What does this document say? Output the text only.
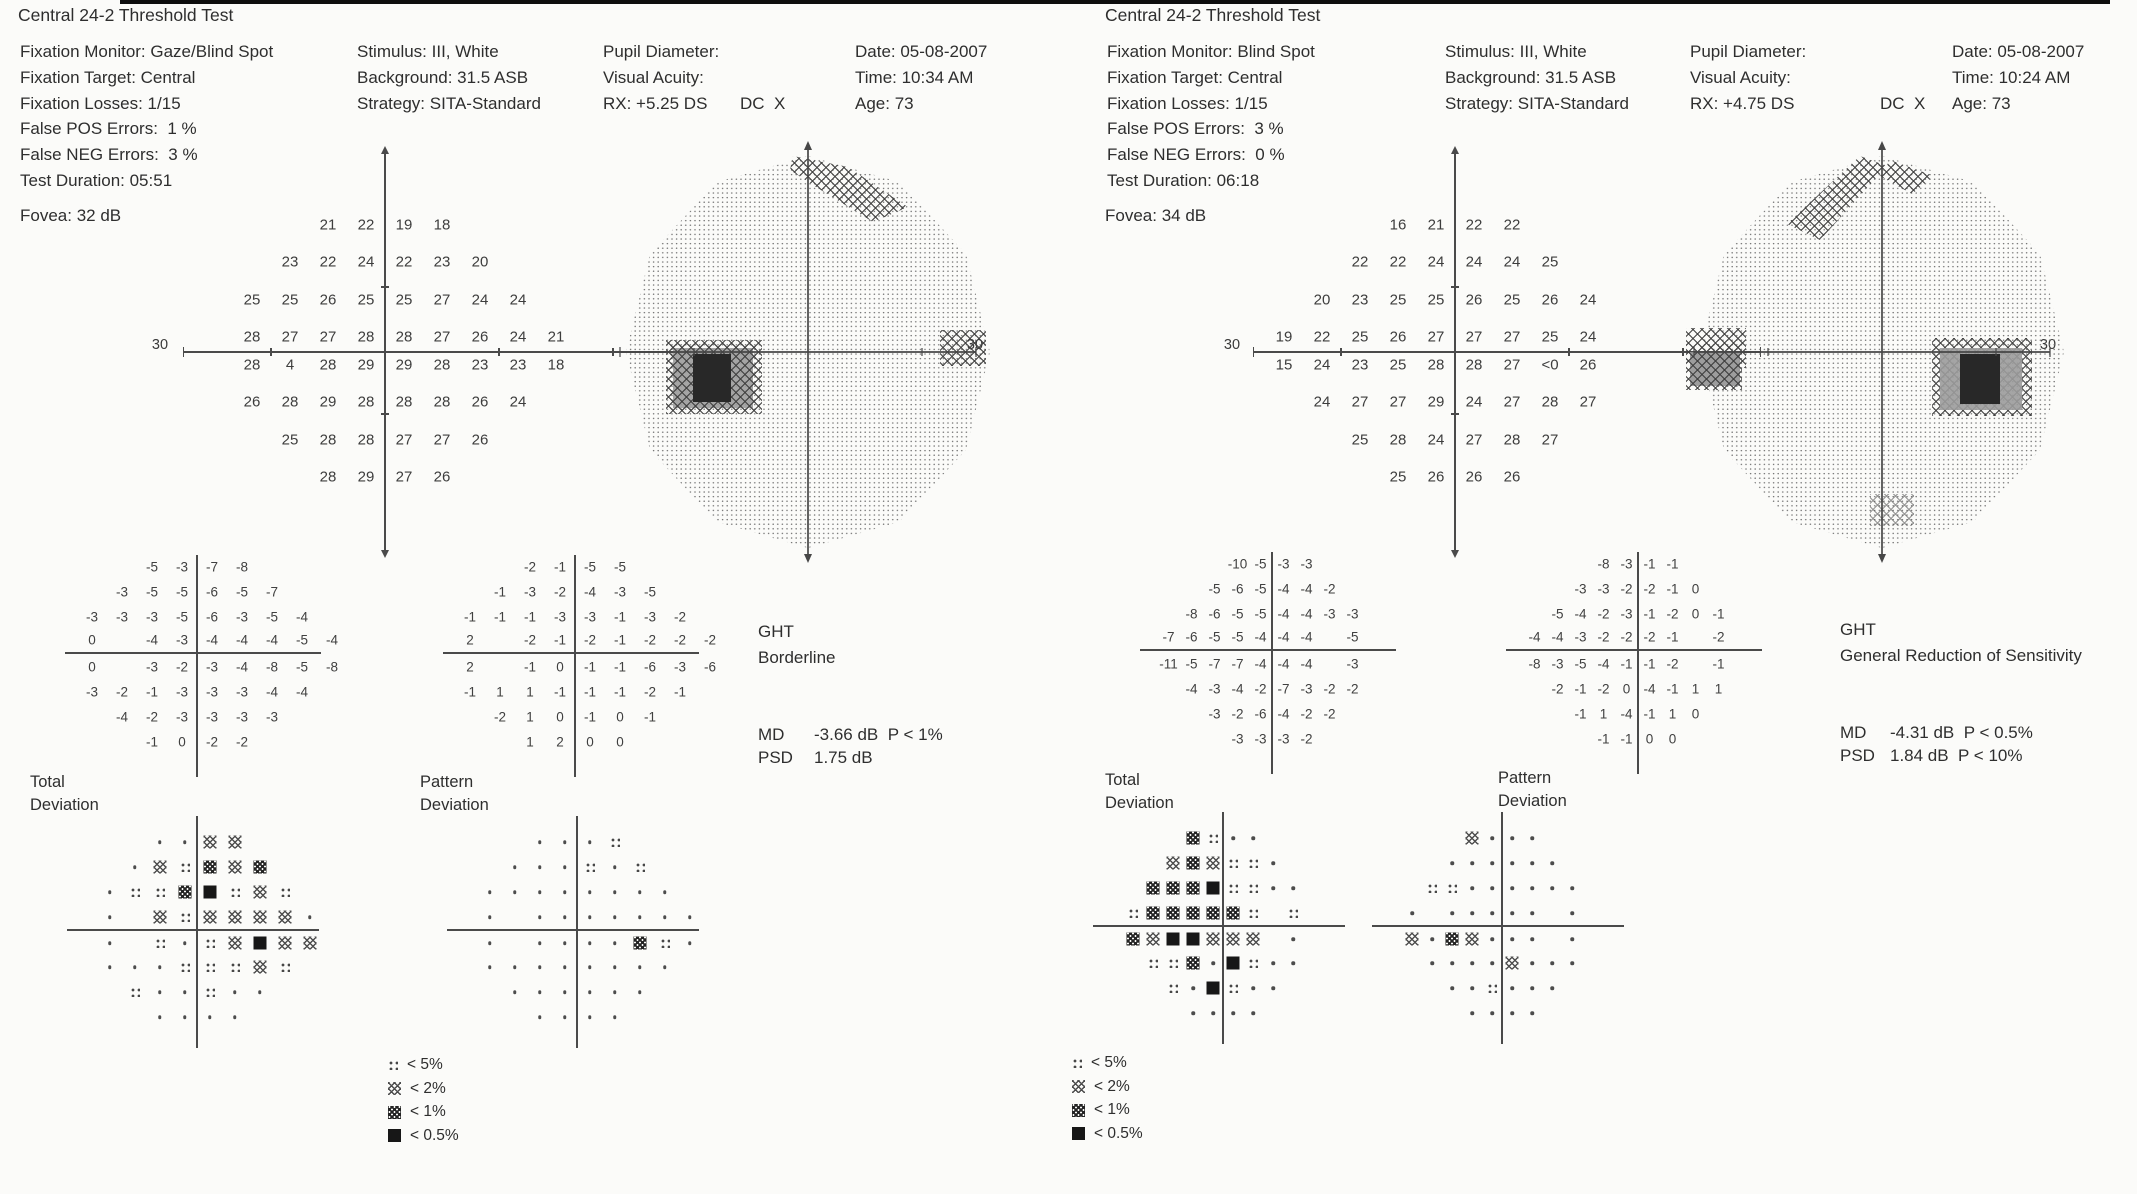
Central 24-2 Threshold Test	Central 24-2 Threshold Test
Fixation Monitor: Gaze/Blind Spot
Fixation Target: Central
Fixation Losses: 1/15
False POS Errors:  1 %
False NEG Errors:  3 %
Test Duration: 05:51
Fovea: 32 dB
Stimulus: III, White
Background: 31.5 ASB
Strategy: SITA-Standard
Pupil Diameter:
Visual Acuity:
RX: +5.25 DS DC  X
Date: 05-08-2007
Time: 10:34 AM
Age: 73
21 22 19 18
23 22 24 22 23 20
25 25 26 25 25 27 24 24
28 27 27 28 28 27 26 24 21
28 4 28 29 29 28 23 23 18
26 28 29 28 28 28 26 24
25 28 28 27 27 26
28 29 27 26
30
-5 -3 -7 -8
-3 -5 -5 -6 -5 -7
-3 -3 -3 -5 -6 -3 -5 -4
0	-4 -3 -4 -4 -4 -5 -4
0	-3 -2 -3 -4 -8 -5 -8
-3 -2 -1 -3 -3 -3 -4 -4
-4 -2 -3 -3 -3 -3
-1 0 -2 -2
-2 -1 -5 -5
-1 -3 -2 -4 -3 -5
-1 -1 -1 -3 -3 -1 -3 -2
2	-2 -1 -2 -1 -2 -2 -2
2	-1 0 -1 -1 -6 -3 -6
-1 1 1 -1 -1 -1 -2 -1
-2 1 0 -1 0 -1
1 2 0 0
Total
Deviation
Pattern
Deviation
GHT
Borderline
MD -3.66 dB  P < 1%
PSD 1.75 dB
< 5%
< 2%
< 1%
< 0.5%
Fixation Monitor: Blind Spot
Fixation Target: Central
Fixation Losses: 1/15
False POS Errors:  3 %
False NEG Errors:  0 %
Test Duration: 06:18
Fovea: 34 dB
Stimulus: III, White
Background: 31.5 ASB
Strategy: SITA-Standard
Pupil Diameter:
Visual Acuity:
RX: +4.75 DS	DC  X
Date: 05-08-2007
Time: 10:24 AM
Age: 73
16 21 22 22
22 22 24 24 24 25
20 23 25 25 26 25 26 24
19 22 25 26 27 27 27 25 24
15 24 23 25 28 28 27 <0 26
24 27 27 29 24 27 28 27
25 28 24 27 28 27
25 26 26 26
30
-10 -5 -3 -3
-5 -6 -5 -4 -4 -2
-8 -6 -5 -5 -4 -4 -3 -3
-7 -6 -5 -5 -4 -4 -4	-5
-11 -5 -7 -7 -4 -4 -4	-3
-4 -3 -4 -2 -7 -3 -2 -2
-3 -2 -6 -4 -2 -2
-3 -3 -3 -2
-8 -3 -1 -1
-3 -3 -2 -2 -1 0
-5 -4 -2 -3 -1 -2 0 -1
-4 -4 -3 -2 -2 -2 -1	-2
-8 -3 -5 -4 -1 -1 -2	-1
-2 -1 -2 0 -4 -1 1 1
-1 1 -4 -1 1 0
-1 -1 0 0
Total
Deviation
Pattern
Deviation
GHT
General Reduction of Sensitivity
MD -4.31 dB  P < 0.5%
PSD 1.84 dB  P < 10%
< 5%
< 2%
< 1%
< 0.5%
